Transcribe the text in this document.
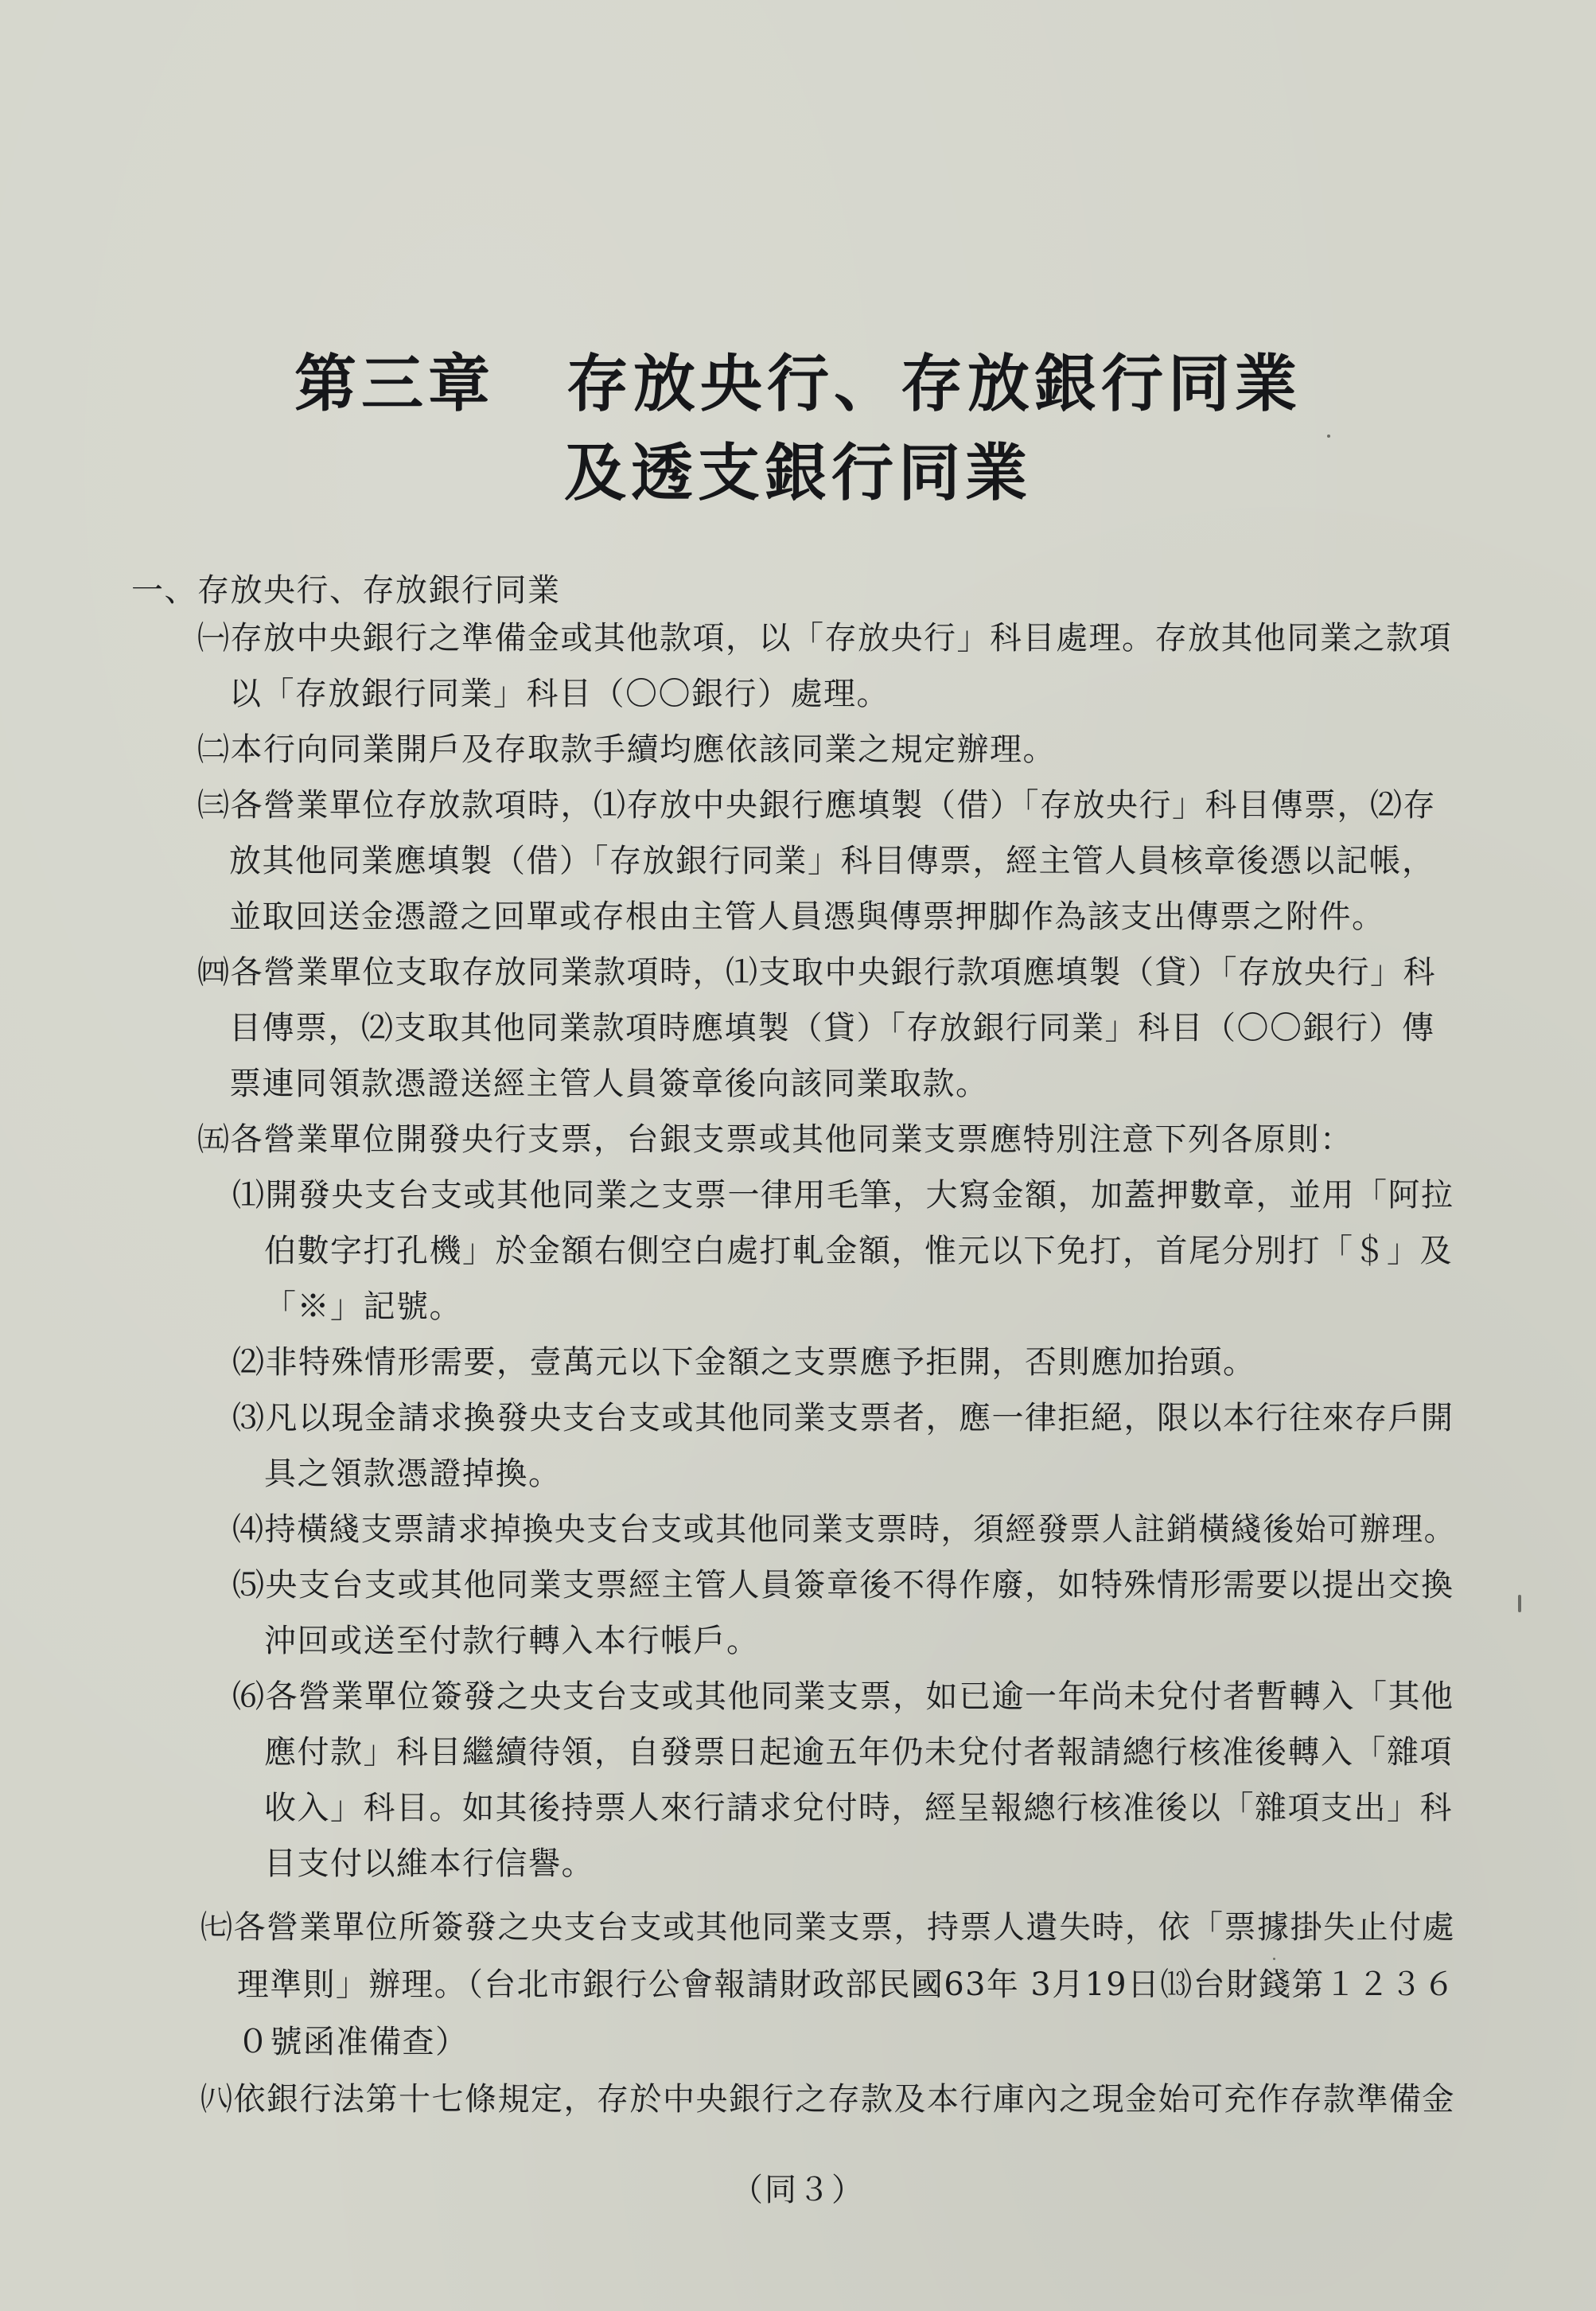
第三章 存放央行、存放銀行同業
及透支銀行同業
一、存放央行、存放銀行同業
㈠存放中央銀行之準備金或其他款項，以「存放央行」科目處理。存放其他同業之款項
以「存放銀行同業」科目（〇〇銀行）處理。
㈡本行向同業開戶及存取款手續均應依該同業之規定辦理。
㈢各營業單位存放款項時，⑴存放中央銀行應填製（借）「存放央行」科目傳票，⑵存
放其他同業應填製（借）「存放銀行同業」科目傳票，經主管人員核章後憑以記帳，
並取回送金憑證之回單或存根由主管人員憑與傳票押脚作為該支出傳票之附件。
㈣各營業單位支取存放同業款項時，⑴支取中央銀行款項應填製（貸）「存放央行」科
目傳票，⑵支取其他同業款項時應填製（貸）「存放銀行同業」科目（〇〇銀行）傳
票連同領款憑證送經主管人員簽章後向該同業取款。
㈤各營業單位開發央行支票，台銀支票或其他同業支票應特別注意下列各原則：
⑴開發央支台支或其他同業之支票一律用毛筆，大寫金額，加蓋押數章，並用「阿拉
伯數字打孔機」於金額右側空白處打軋金額，惟元以下免打，首尾分別打「＄」及
「※」記號。
⑵非特殊情形需要，壹萬元以下金額之支票應予拒開，否則應加抬頭。
⑶凡以現金請求換發央支台支或其他同業支票者，應一律拒絕，限以本行往來存戶開
具之領款憑證掉換。
⑷持橫綫支票請求掉換央支台支或其他同業支票時，須經發票人註銷橫綫後始可辦理。
⑸央支台支或其他同業支票經主管人員簽章後不得作廢，如特殊情形需要以提出交換
沖回或送至付款行轉入本行帳戶。
⑹各營業單位簽發之央支台支或其他同業支票，如已逾一年尚未兌付者暫轉入「其他
應付款」科目繼續待領，自發票日起逾五年仍未兌付者報請總行核准後轉入「雜項
收入」科目。如其後持票人來行請求兌付時，經呈報總行核准後以「雜項支出」科
目支付以維本行信譽。
㈦各營業單位所簽發之央支台支或其他同業支票，持票人遺失時，依「票據掛失止付處
理準則」辦理。（台北市銀行公會報請財政部民國63年 3月19日⒀台財錢第１２３６
０號函准備查）
㈧依銀行法第十七條規定，存於中央銀行之存款及本行庫內之現金始可充作存款準備金
（同３）
